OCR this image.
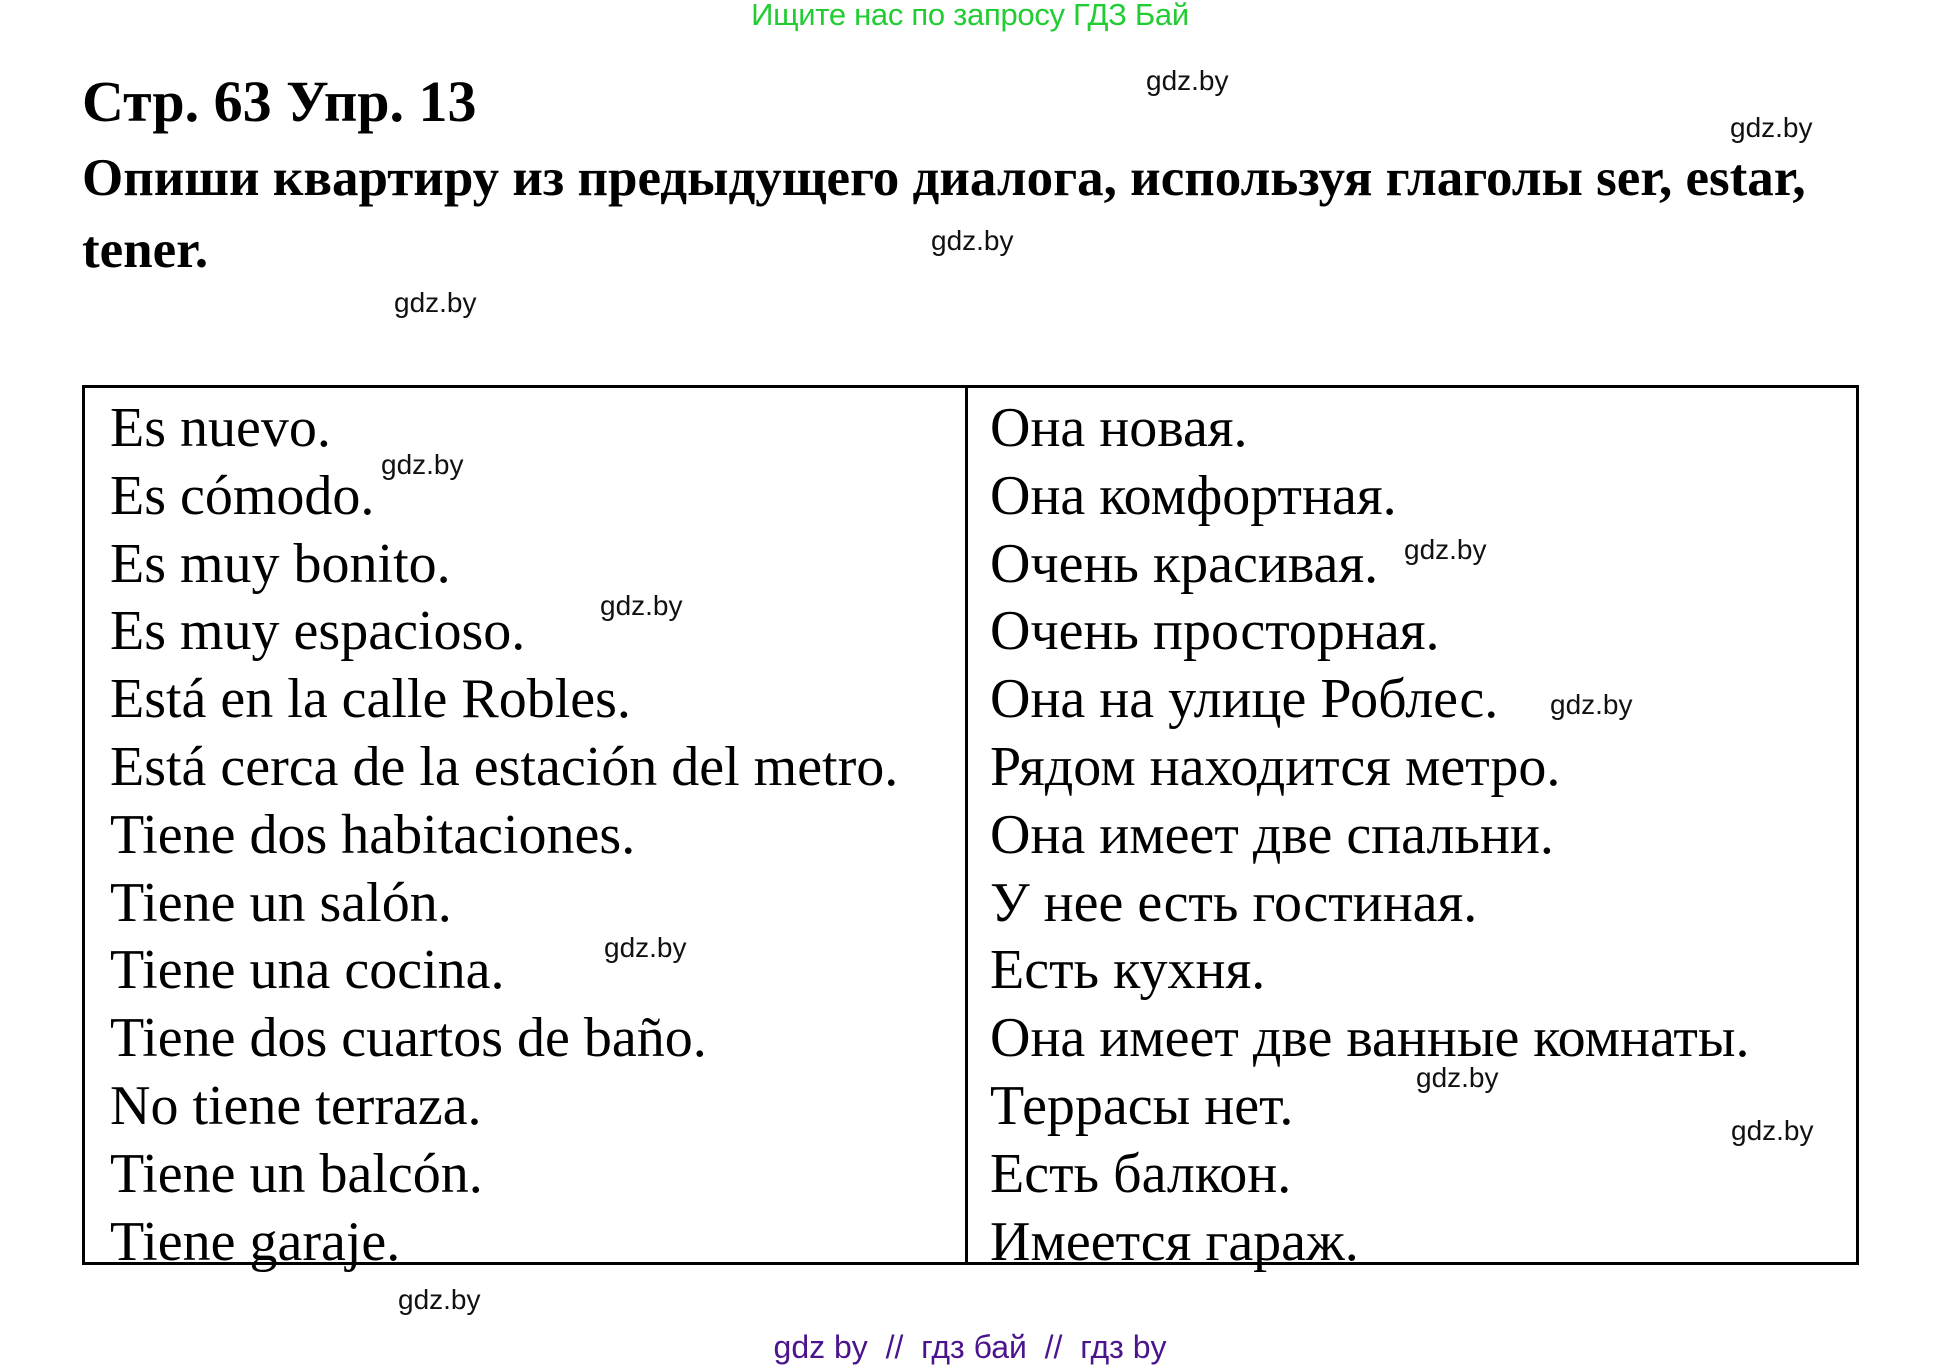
Ищите нас по запросу ГДЗ Бай
Стр. 63 Упр. 13

Опиши квартиру из предыдущего диалога, используя глаголы ser, estar, tener.

Es nuevo.
Es cómodo.
Es muy bonito.
Es muy espacioso.
Está en la calle Robles.
Está cerca de la estación del metro.
Tiene dos habitaciones.
Tiene un salón.
Tiene una cocina.
Tiene dos cuartos de baño.
No tiene terraza.
Tiene un balcón.
Tiene garaje.
Она новая.
Она комфортная.
Очень красивая.
Очень просторная.
Она на улице Роблес.
Рядом находится метро.
Она имеет две спальни.
У нее есть гостиная.
Есть кухня.
Она имеет две ванные комнаты.
Террасы нет.
Есть балкон.
Имеется гараж.
gdz.by
gdz.by
gdz.by
gdz.by
gdz.by
gdz.by
gdz.by
gdz.by
gdz.by
gdz.by
gdz.by
gdz.by
gdz by  //  гдз бай  //  гдз by
